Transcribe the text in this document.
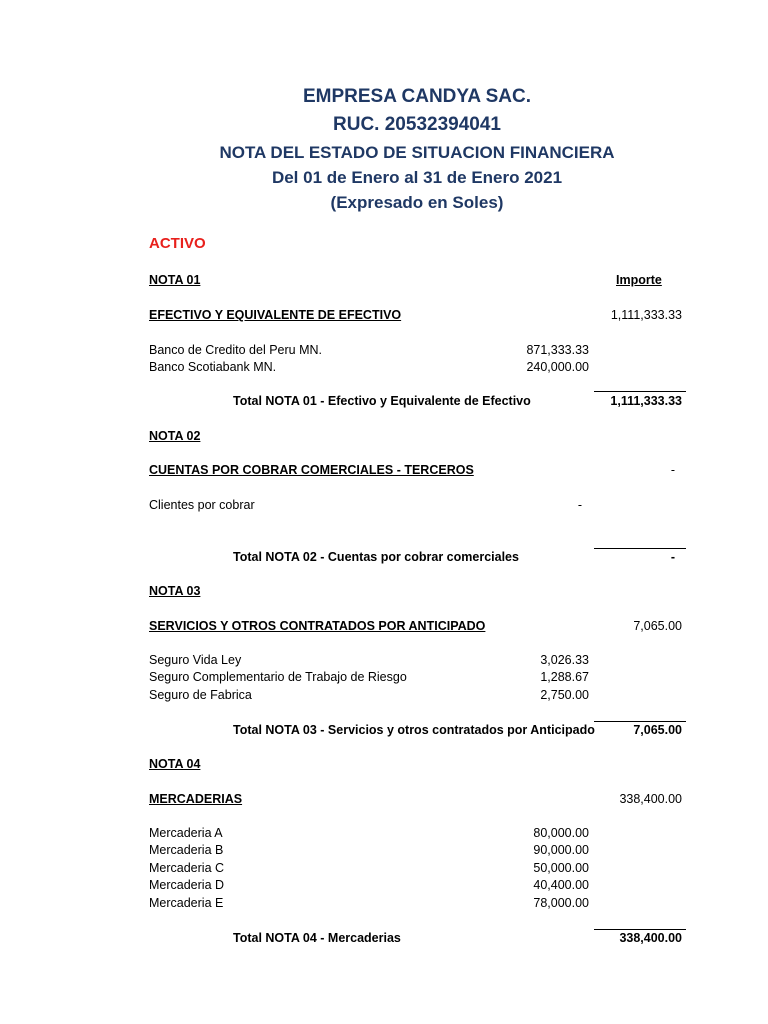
EMPRESA CANDYA SAC.
RUC. 20532394041
NOTA DEL ESTADO DE SITUACION FINANCIERA
Del 01 de Enero al 31 de Enero 2021
(Expresado en Soles)
ACTIVO
NOTA 01	Importe
EFECTIVO Y EQUIVALENTE DE EFECTIVO	1,111,333.33
Banco de Credito del Peru MN.	871,333.33
Banco Scotiabank MN.	240,000.00
Total NOTA 01 - Efectivo y Equivalente de Efectivo	1,111,333.33
NOTA 02
CUENTAS POR COBRAR COMERCIALES - TERCEROS	-
Clientes por cobrar	-
Total NOTA 02 - Cuentas por cobrar comerciales	-
NOTA 03
SERVICIOS Y OTROS CONTRATADOS POR ANTICIPADO	7,065.00
Seguro Vida Ley	3,026.33
Seguro Complementario de Trabajo de Riesgo	1,288.67
Seguro de Fabrica	2,750.00
Total NOTA 03 - Servicios y otros contratados por Anticipado	7,065.00
NOTA 04
MERCADERIAS	338,400.00
Mercaderia A	80,000.00
Mercaderia B	90,000.00
Mercaderia C	50,000.00
Mercaderia D	40,400.00
Mercaderia E	78,000.00
Total NOTA 04 - Mercaderias	338,400.00
